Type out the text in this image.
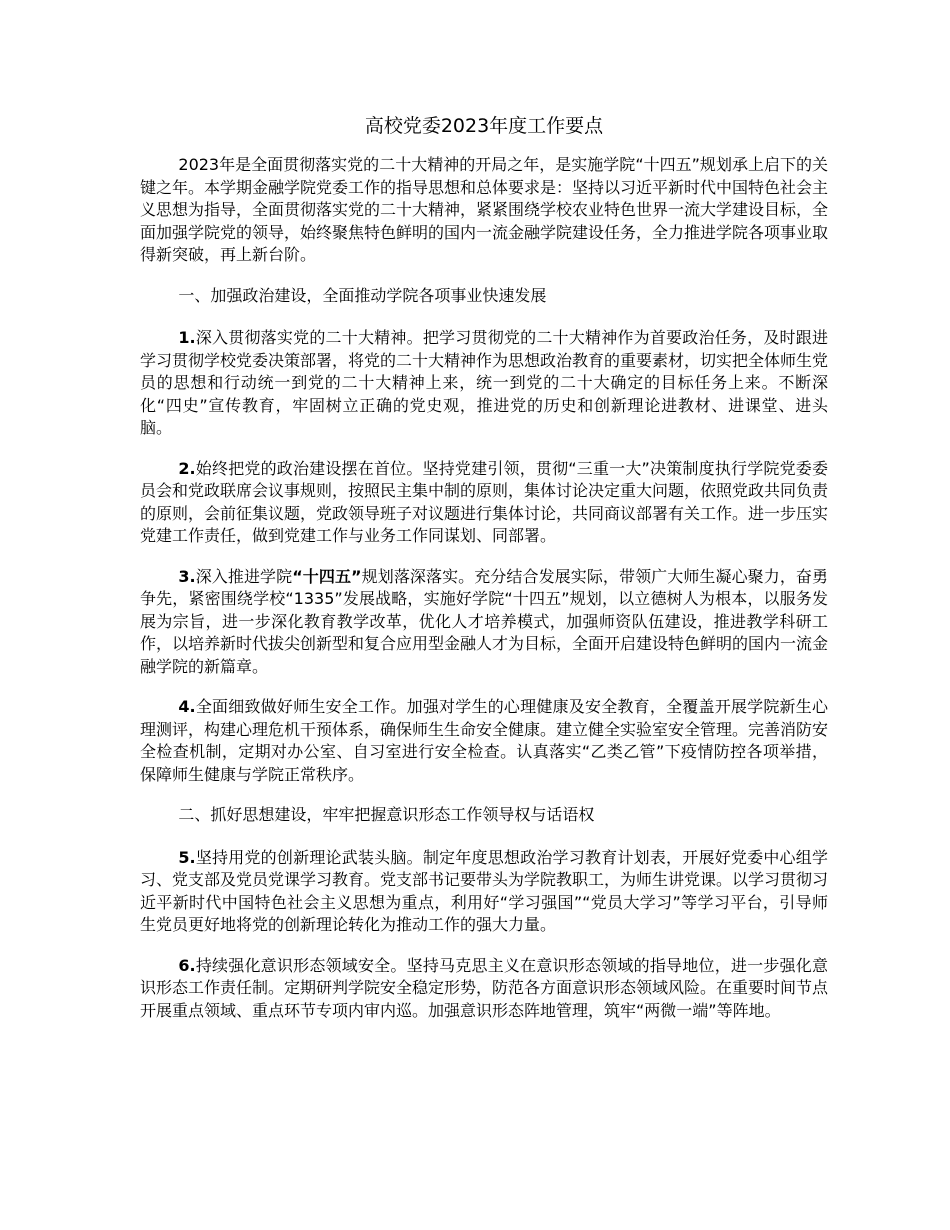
高校党委2023年度工作要点

2023年是全面贯彻落实党的二十大精神的开局之年，是实施学院“十四五”规划承上启下的关键之年。本学期金融学院党委工作的指导思想和总体要求是：坚持以习近平新时代中国特色社会主义思想为指导，全面贯彻落实党的二十大精神，紧紧围绕学校农业特色世界一流大学建设目标，全面加强学院党的领导，始终聚焦特色鲜明的国内一流金融学院建设任务，全力推进学院各项事业取得新突破，再上新台阶。

一、加强政治建设，全面推动学院各项事业快速发展

1.深入贯彻落实党的二十大精神。把学习贯彻党的二十大精神作为首要政治任务，及时跟进学习贯彻学校党委决策部署，将党的二十大精神作为思想政治教育的重要素材，切实把全体师生党员的思想和行动统一到党的二十大精神上来，统一到党的二十大确定的目标任务上来。不断深化“四史”宣传教育，牢固树立正确的党史观，推进党的历史和创新理论进教材、进课堂、进头脑。

2.始终把党的政治建设摆在首位。坚持党建引领，贯彻“三重一大”决策制度执行学院党委委员会和党政联席会议事规则，按照民主集中制的原则，集体讨论决定重大问题，依照党政共同负责的原则，会前征集议题，党政领导班子对议题进行集体讨论，共同商议部署有关工作。进一步压实党建工作责任，做到党建工作与业务工作同谋划、同部署。

3.深入推进学院“十四五”规划落深落实。充分结合发展实际，带领广大师生凝心聚力，奋勇争先，紧密围绕学校“1335”发展战略，实施好学院“十四五”规划，以立德树人为根本，以服务发展为宗旨，进一步深化教育教学改革，优化人才培养模式，加强师资队伍建设，推进教学科研工作，以培养新时代拔尖创新型和复合应用型金融人才为目标，全面开启建设特色鲜明的国内一流金融学院的新篇章。

4.全面细致做好师生安全工作。加强对学生的心理健康及安全教育，全覆盖开展学院新生心理测评，构建心理危机干预体系，确保师生生命安全健康。建立健全实验室安全管理。完善消防安全检查机制，定期对办公室、自习室进行安全检查。认真落实“乙类乙管”下疫情防控各项举措，保障师生健康与学院正常秩序。

二、抓好思想建设，牢牢把握意识形态工作领导权与话语权

5.坚持用党的创新理论武装头脑。制定年度思想政治学习教育计划表，开展好党委中心组学习、党支部及党员党课学习教育。党支部书记要带头为学院教职工，为师生讲党课。以学习贯彻习近平新时代中国特色社会主义思想为重点，利用好“学习强国”“党员大学习”等学习平台，引导师生党员更好地将党的创新理论转化为推动工作的强大力量。

6.持续强化意识形态领域安全。坚持马克思主义在意识形态领域的指导地位，进一步强化意识形态工作责任制。定期研判学院安全稳定形势，防范各方面意识形态领域风险。在重要时间节点开展重点领域、重点环节专项内审内巡。加强意识形态阵地管理，筑牢“两微一端”等阵地。
